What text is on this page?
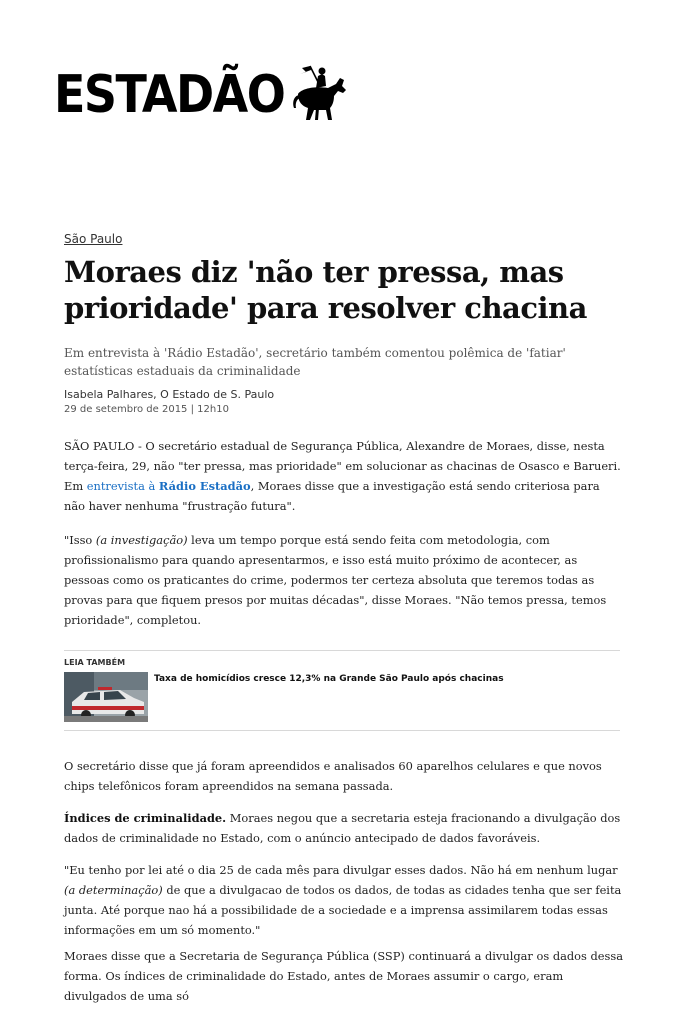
ESTADÃO
São Paulo
Moraes diz 'não ter pressa, mas prioridade' para resolver chacina

Em entrevista à 'Rádio Estadão', secretário também comentou polêmica de 'fatiar' estatísticas estaduais da criminalidade

Isabela Palhares, O Estado de S. Paulo
29 de setembro de 2015 | 12h10

SÃO PAULO - O secretário estadual de Segurança Pública, Alexandre de Moraes, disse, nesta terça-feira, 29, não "ter pressa, mas prioridade" em solucionar as chacinas de Osasco e Barueri. Em entrevista à Rádio Estadão, Moraes disse que a investigação está sendo criteriosa para não haver nenhuma "frustração futura".

"Isso (a investigação) leva um tempo porque está sendo feita com metodologia, com profissionalismo para quando apresentarmos, e isso está muito próximo de acontecer, as pessoas como os praticantes do crime, podermos ter certeza absoluta que teremos todas as provas para que fiquem presos por muitas décadas", disse Moraes. "Não temos pressa, temos prioridade", completou.

LEIA TAMBÉM
Taxa de homicídios cresce 12,3% na Grande São Paulo após chacinas

O secretário disse que já foram apreendidos e analisados 60 aparelhos celulares e que novos chips telefônicos foram apreendidos na semana passada.

Índices de criminalidade. Moraes negou que a secretaria esteja fracionando a divulgação dos dados de criminalidade no Estado, com o anúncio antecipado de dados favoráveis.

"Eu tenho por lei até o dia 25 de cada mês para divulgar esses dados. Não há em nenhum lugar (a determinação) de que a divulgacao de todos os dados, de todas as cidades tenha que ser feita junta. Até porque nao há a possibilidade de a sociedade e a imprensa assimilarem todas essas informações em um só momento."

Moraes disse que a Secretaria de Segurança Pública (SSP) continuará a divulgar os dados dessa forma. Os índices de criminalidade do Estado, antes de Moraes assumir o cargo, eram divulgados de uma só
